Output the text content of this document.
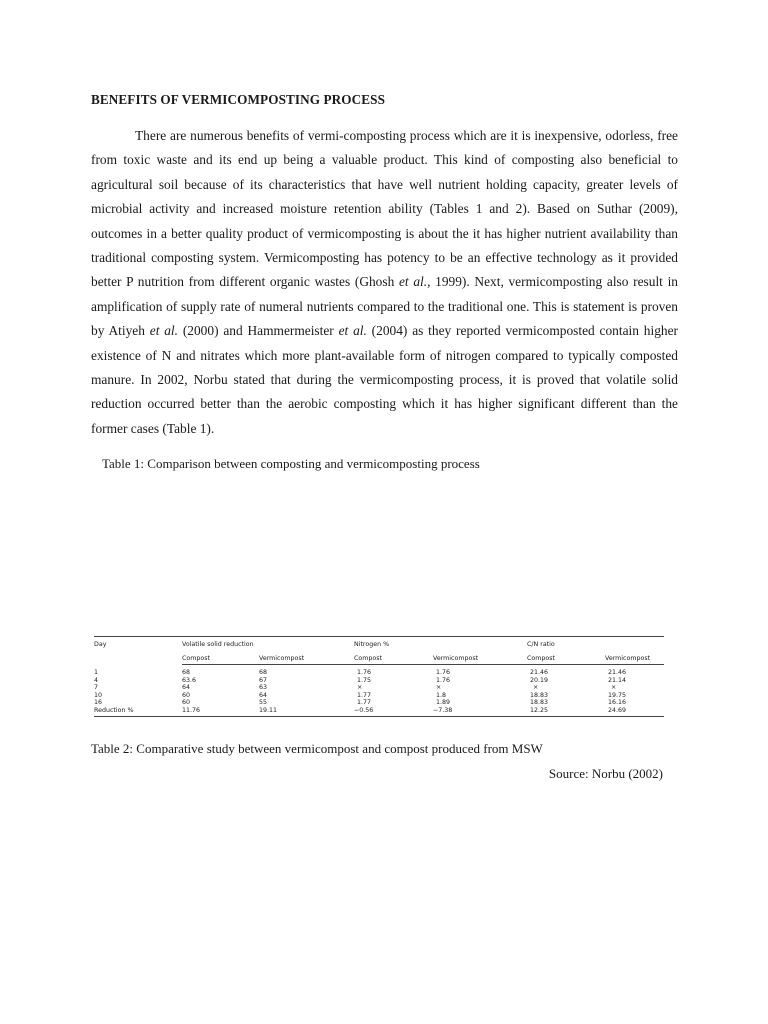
BENEFITS OF VERMICOMPOSTING PROCESS

There are numerous benefits of vermi-composting process which are it is inexpensive, odorless, free from toxic waste and its end up being a valuable product. This kind of composting also beneficial to agricultural soil because of its characteristics that have well nutrient holding capacity, greater levels of microbial activity and increased moisture retention ability (Tables 1 and 2). Based on Suthar (2009), outcomes in a better quality product of vermicomposting is about the it has higher nutrient availability than traditional composting system. Vermicomposting has potency to be an effective technology as it provided better P nutrition from different organic wastes (Ghosh et al., 1999). Next, vermicomposting also result in amplification of supply rate of numeral nutrients compared to the traditional one. This is statement is proven by Atiyeh et al. (2000) and Hammermeister et al. (2004) as they reported vermicomposted contain higher existence of N and nitrates which more plant-available form of nitrogen compared to typically composted manure. In 2002, Norbu stated that during the vermicomposting process, it is proved that volatile solid reduction occurred better than the aerobic composting which it has higher significant different than the former cases (Table 1).

Table 1: Comparison between composting and vermicomposting process
Day	Volatile solid reduction		Nitrogen %		C/N ratio	
	Compost	Vermicompost	Compost	Vermicompost	Compost	Vermicompost
1	68	68	1.76	1.76	21.46	21.46
4	63.6	67	1.75	1.76	20.19	21.14
7	64	63	×	×	×	×
10	60	64	1.77	1.8	18.83	19.75
16	60	55	1.77	1.89	18.83	16.16
Reduction %	11.76	19.11	−0.56	−7.38	12.25	24.69
Table 2: Comparative study between vermicompost and compost produced from MSW
Source: Norbu (2002)
